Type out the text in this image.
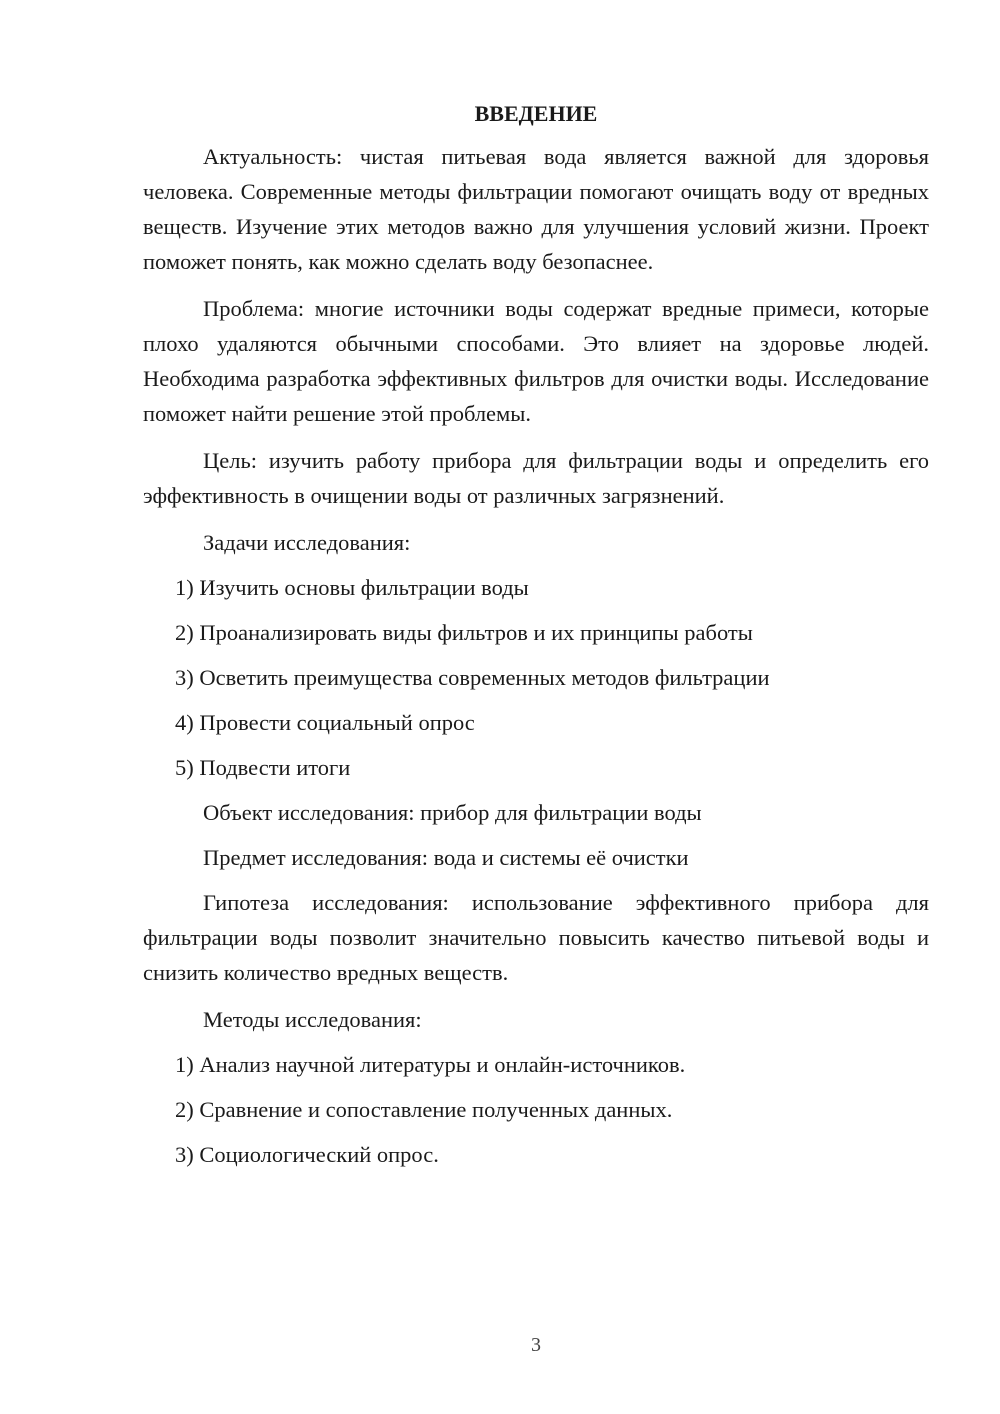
ВВЕДЕНИЕ

Актуальность: чистая питьевая вода является важной для здоровья человека. Современные методы фильтрации помогают очищать воду от вредных веществ. Изучение этих методов важно для улучшения условий жизни. Проект поможет понять, как можно сделать воду безопаснее.

Проблема: многие источники воды содержат вредные примеси, которые плохо удаляются обычными способами. Это влияет на здоровье людей. Необходима разработка эффективных фильтров для очистки воды. Исследование поможет найти решение этой проблемы.

Цель: изучить работу прибора для фильтрации воды и определить его эффективность в очищении воды от различных загрязнений.

Задачи исследования:
1) Изучить основы фильтрации воды
2) Проанализировать виды фильтров и их принципы работы
3) Осветить преимущества современных методов фильтрации
4) Провести социальный опрос
5) Подвести итоги
Объект исследования: прибор для фильтрации воды
Предмет исследования: вода и системы её очистки

Гипотеза исследования: использование эффективного прибора для фильтрации воды позволит значительно повысить качество питьевой воды и снизить количество вредных веществ.

Методы исследования:
1) Анализ научной литературы и онлайн-источников.
2) Сравнение и сопоставление полученных данных.
3) Социологический опрос.
3
